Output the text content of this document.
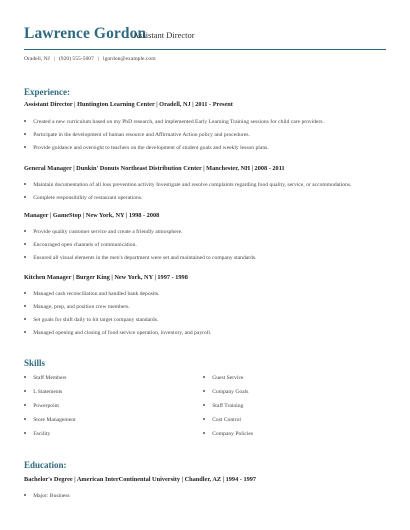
Lawrence Gordon
Assistant Director
Oradell, NJ | (920) 555-5007 | lgordon@example.com
Experience:
Assistant Director | Huntington Learning Center | Oradell, NJ | 2011 - Present
Created a new curriculum based on my PhD research, and implemented Early Learning Training sessions for child care providers.
Participate in the development of human resource and Affirmative Action policy and procedures.
Provide guidance and oversight to teachers on the development of student goals and weekly lesson plans.
General Manager | Dunkin' Donuts Northeast Distribution Center | Manchester, NH | 2008 - 2011
Maintain documentation of all loss prevention activity Investigate and resolve complaints regarding food quality, service, or accommodations.
Complete responsibility of restaurant operations.
Manager | GameStop | New York, NY | 1998 - 2008
Provide quality customer service and create a friendly atmosphere.
Encouraged open channels of communication.
Ensured all visual elements in the men's department were set and maintained to company standards.
Kitchen Manager | Burger King | New York, NY | 1997 - 1998
Managed cash reconciliation and handled bank deposits.
Manage, prep, and position crew members.
Set goals for shift daily to hit target company standards.
Managed opening and closing of food service operation, inventory, and payroll.
Skills
Staff Members
L Statements
Powerpoint
Store Management
Facility
Guest Service
Company Goals
Staff Training
Cost Control
Company Policies
Education:
Bachelor's Degree | American InterContinental University | Chandler, AZ | 1994 - 1997
Major: Business
